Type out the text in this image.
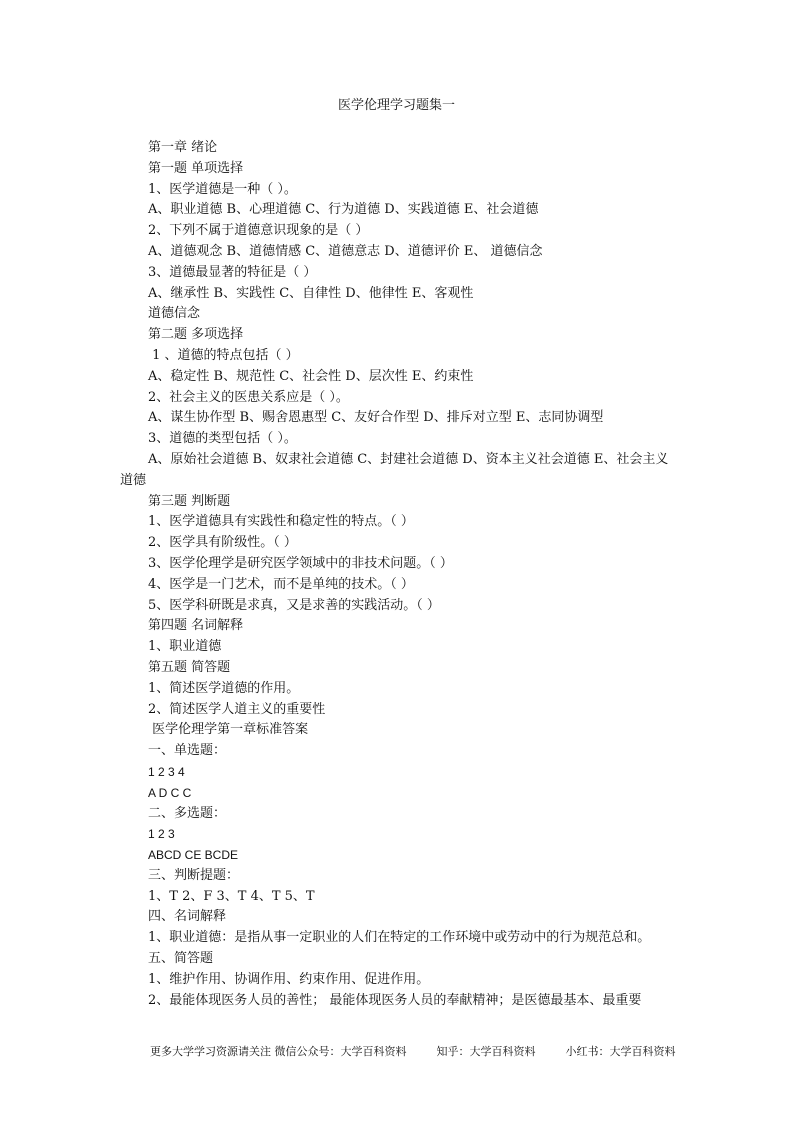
医学伦理学习题集一
第一章 绪论
第一题 单项选择
1、医学道德是一种（ ）。
A、职业道德 B、心理道德 C、行为道德 D、实践道德 E、社会道德
2、下列不属于道德意识现象的是（ ）
A、道德观念 B、道德情感 C、道德意志 D、道德评价 E、 道德信念
3、道德最显著的特征是（ ）
A、继承性 B、实践性 C、自律性 D、他律性 E、客观性
道德信念
第二题 多项选择
1 、道德的特点包括（ ）
A、稳定性 B、规范性 C、社会性 D、层次性 E、约束性
2、社会主义的医患关系应是（ ）。
A、谋生协作型 B、赐舍恩惠型 C、友好合作型 D、排斥对立型 E、志同协调型
3、道德的类型包括（ ）。
A、原始社会道德 B、奴隶社会道德 C、封建社会道德 D、资本主义社会道德 E、社会主义道德
第三题 判断题
1、医学道德具有实践性和稳定性的特点。（ ）
2、医学具有阶级性。（ ）
3、医学伦理学是研究医学领域中的非技术问题。（ ）
4、医学是一门艺术，而不是单纯的技术。（ ）
5、医学科研既是求真，又是求善的实践活动。（ ）
第四题 名词解释
1、职业道德
第五题 简答题
1、简述医学道德的作用。
2、简述医学人道主义的重要性
医学伦理学第一章标准答案
一、单选题：
1 2 3 4
A D C C
二、多选题：
1 2 3
ABCD CE BCDE
三、判断提题：
1、T 2、F 3、T 4、T 5、T
四、名词解释
1、职业道德：是指从事一定职业的人们在特定的工作环境中或劳动中的行为规范总和。
五、简答题
1、维护作用、协调作用、约束作用、促进作用。
2、最能体现医务人员的善性； 最能体现医务人员的奉献精神；是医德最基本、最重要
更多大学学习资源请关注 微信公众号：大学百科资料	知乎：大学百科资料	小红书：大学百科资料
